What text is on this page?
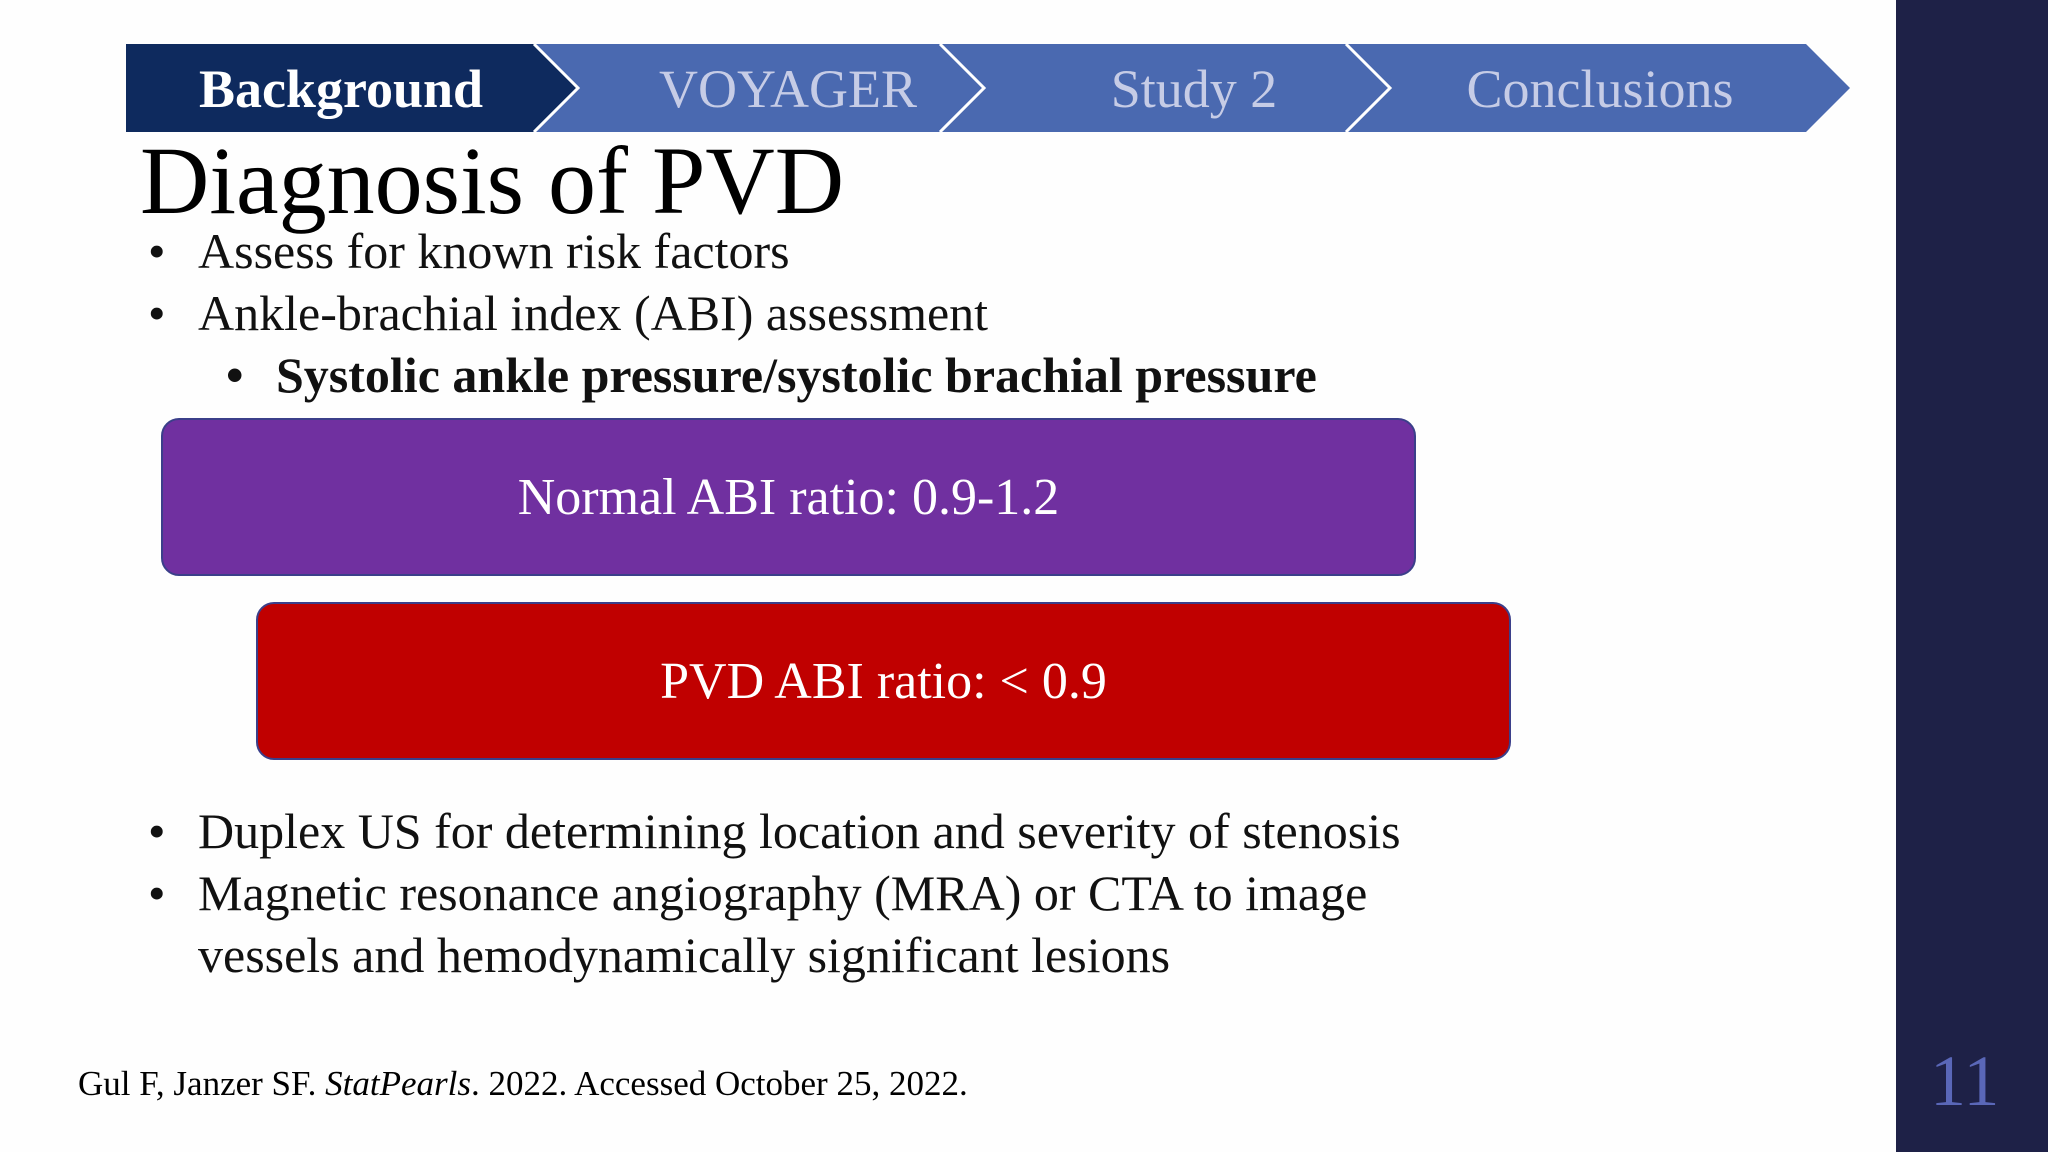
Background	VOYAGER	Study 2	Conclusions
Diagnosis of PVD
• Assess for known risk factors
• Ankle-brachial index (ABI) assessment
• Systolic ankle pressure/systolic brachial pressure
Normal ABI ratio: 0.9-1.2
PVD ABI ratio: < 0.9
• Duplex US for determining location and severity of stenosis
• Magnetic resonance angiography (MRA) or CTA to image
vessels and hemodynamically significant lesions
Gul F, Janzer SF. StatPearls. 2022. Accessed October 25, 2022.	11
